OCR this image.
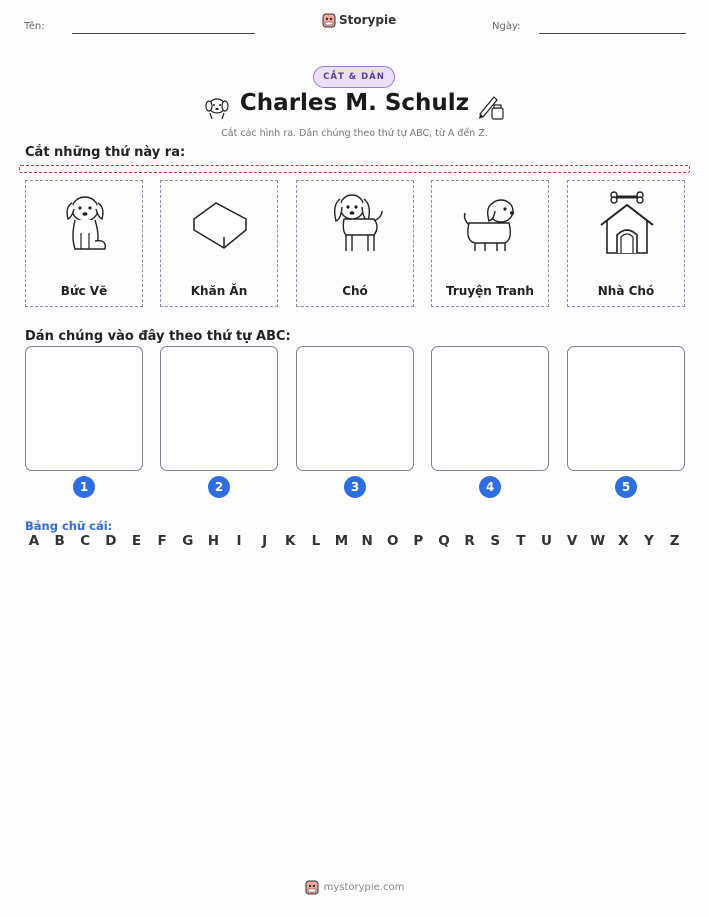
Tên:	Storypie	Ngày:
CẮT & DÁN
Charles M. Schulz
Cắt các hình ra. Dán chúng theo thứ tự ABC, từ A đến Z.
Cắt những thứ này ra:
Bức Vẽ	Khăn Ăn	Chó	Truyện Tranh	Nhà Chó
Dán chúng vào đây theo thứ tự ABC:
1	2	3	4	5
Bảng chữ cái:
A B C D	E	F	G H	I	J	K	L	M N O P Q R	S	T	U V W X	Y	Z
mystorypie.com
